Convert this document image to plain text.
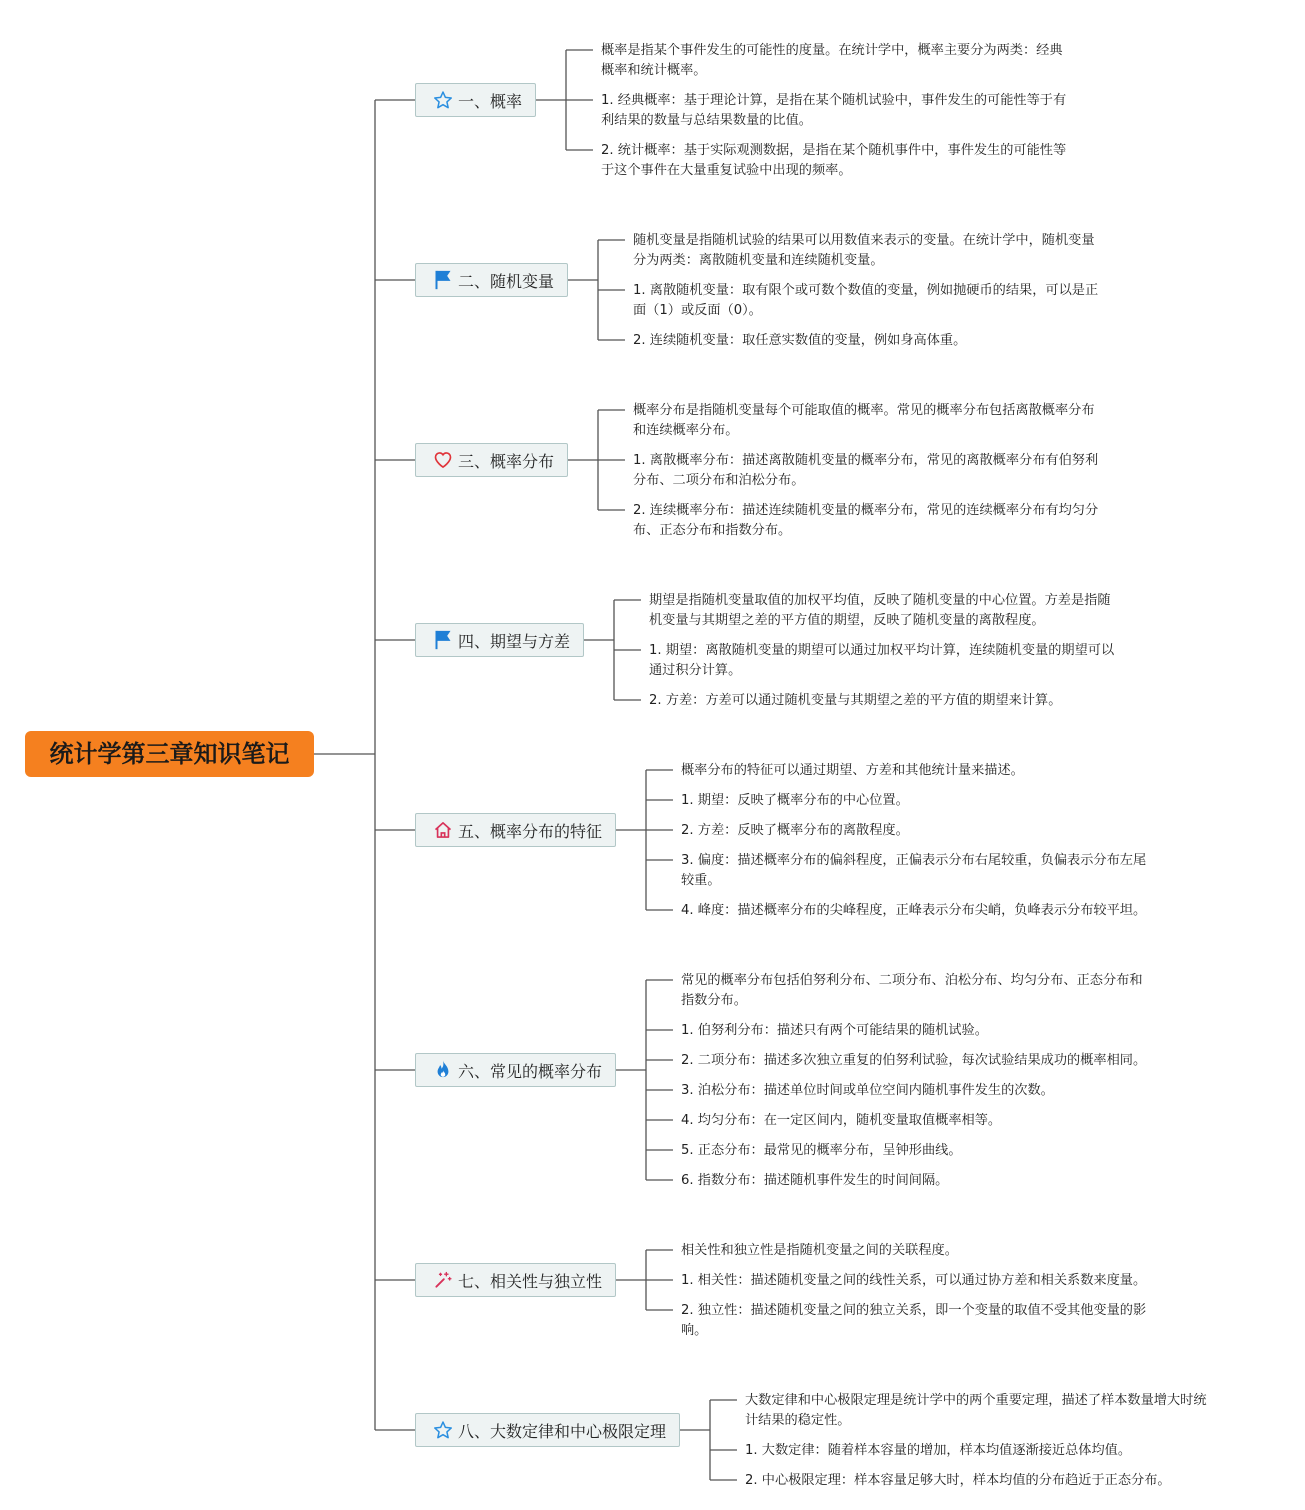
统计学第三章知识笔记
一、概率
概率是指某个事件发生的可能性的度量。在统计学中，概率主要分为两类：经典
概率和统计概率。
1. 经典概率：基于理论计算，是指在某个随机试验中，事件发生的可能性等于有
利结果的数量与总结果数量的比值。
2. 统计概率：基于实际观测数据，是指在某个随机事件中，事件发生的可能性等
于这个事件在大量重复试验中出现的频率。
二、随机变量
随机变量是指随机试验的结果可以用数值来表示的变量。在统计学中，随机变量
分为两类：离散随机变量和连续随机变量。
1. 离散随机变量：取有限个或可数个数值的变量，例如抛硬币的结果，可以是正
面（1）或反面（0）。
2. 连续随机变量：取任意实数值的变量，例如身高体重。
三、概率分布
概率分布是指随机变量每个可能取值的概率。常见的概率分布包括离散概率分布
和连续概率分布。
1. 离散概率分布：描述离散随机变量的概率分布，常见的离散概率分布有伯努利
分布、二项分布和泊松分布。
2. 连续概率分布：描述连续随机变量的概率分布，常见的连续概率分布有均匀分
布、正态分布和指数分布。
四、期望与方差
期望是指随机变量取值的加权平均值，反映了随机变量的中心位置。方差是指随
机变量与其期望之差的平方值的期望，反映了随机变量的离散程度。
1. 期望：离散随机变量的期望可以通过加权平均计算，连续随机变量的期望可以
通过积分计算。
2. 方差：方差可以通过随机变量与其期望之差的平方值的期望来计算。
五、概率分布的特征
概率分布的特征可以通过期望、方差和其他统计量来描述。
1. 期望：反映了概率分布的中心位置。
2. 方差：反映了概率分布的离散程度。
3. 偏度：描述概率分布的偏斜程度，正偏表示分布右尾较重，负偏表示分布左尾
较重。
4. 峰度：描述概率分布的尖峰程度，正峰表示分布尖峭，负峰表示分布较平坦。
六、常见的概率分布
常见的概率分布包括伯努利分布、二项分布、泊松分布、均匀分布、正态分布和
指数分布。
1. 伯努利分布：描述只有两个可能结果的随机试验。
2. 二项分布：描述多次独立重复的伯努利试验，每次试验结果成功的概率相同。
3. 泊松分布：描述单位时间或单位空间内随机事件发生的次数。
4. 均匀分布：在一定区间内，随机变量取值概率相等。
5. 正态分布：最常见的概率分布，呈钟形曲线。
6. 指数分布：描述随机事件发生的时间间隔。
七、相关性与独立性
相关性和独立性是指随机变量之间的关联程度。
1. 相关性：描述随机变量之间的线性关系，可以通过协方差和相关系数来度量。
2. 独立性：描述随机变量之间的独立关系，即一个变量的取值不受其他变量的影
响。
八、大数定律和中心极限定理
大数定律和中心极限定理是统计学中的两个重要定理，描述了样本数量增大时统
计结果的稳定性。
1. 大数定律：随着样本容量的增加，样本均值逐渐接近总体均值。
2. 中心极限定理：样本容量足够大时，样本均值的分布趋近于正态分布。
